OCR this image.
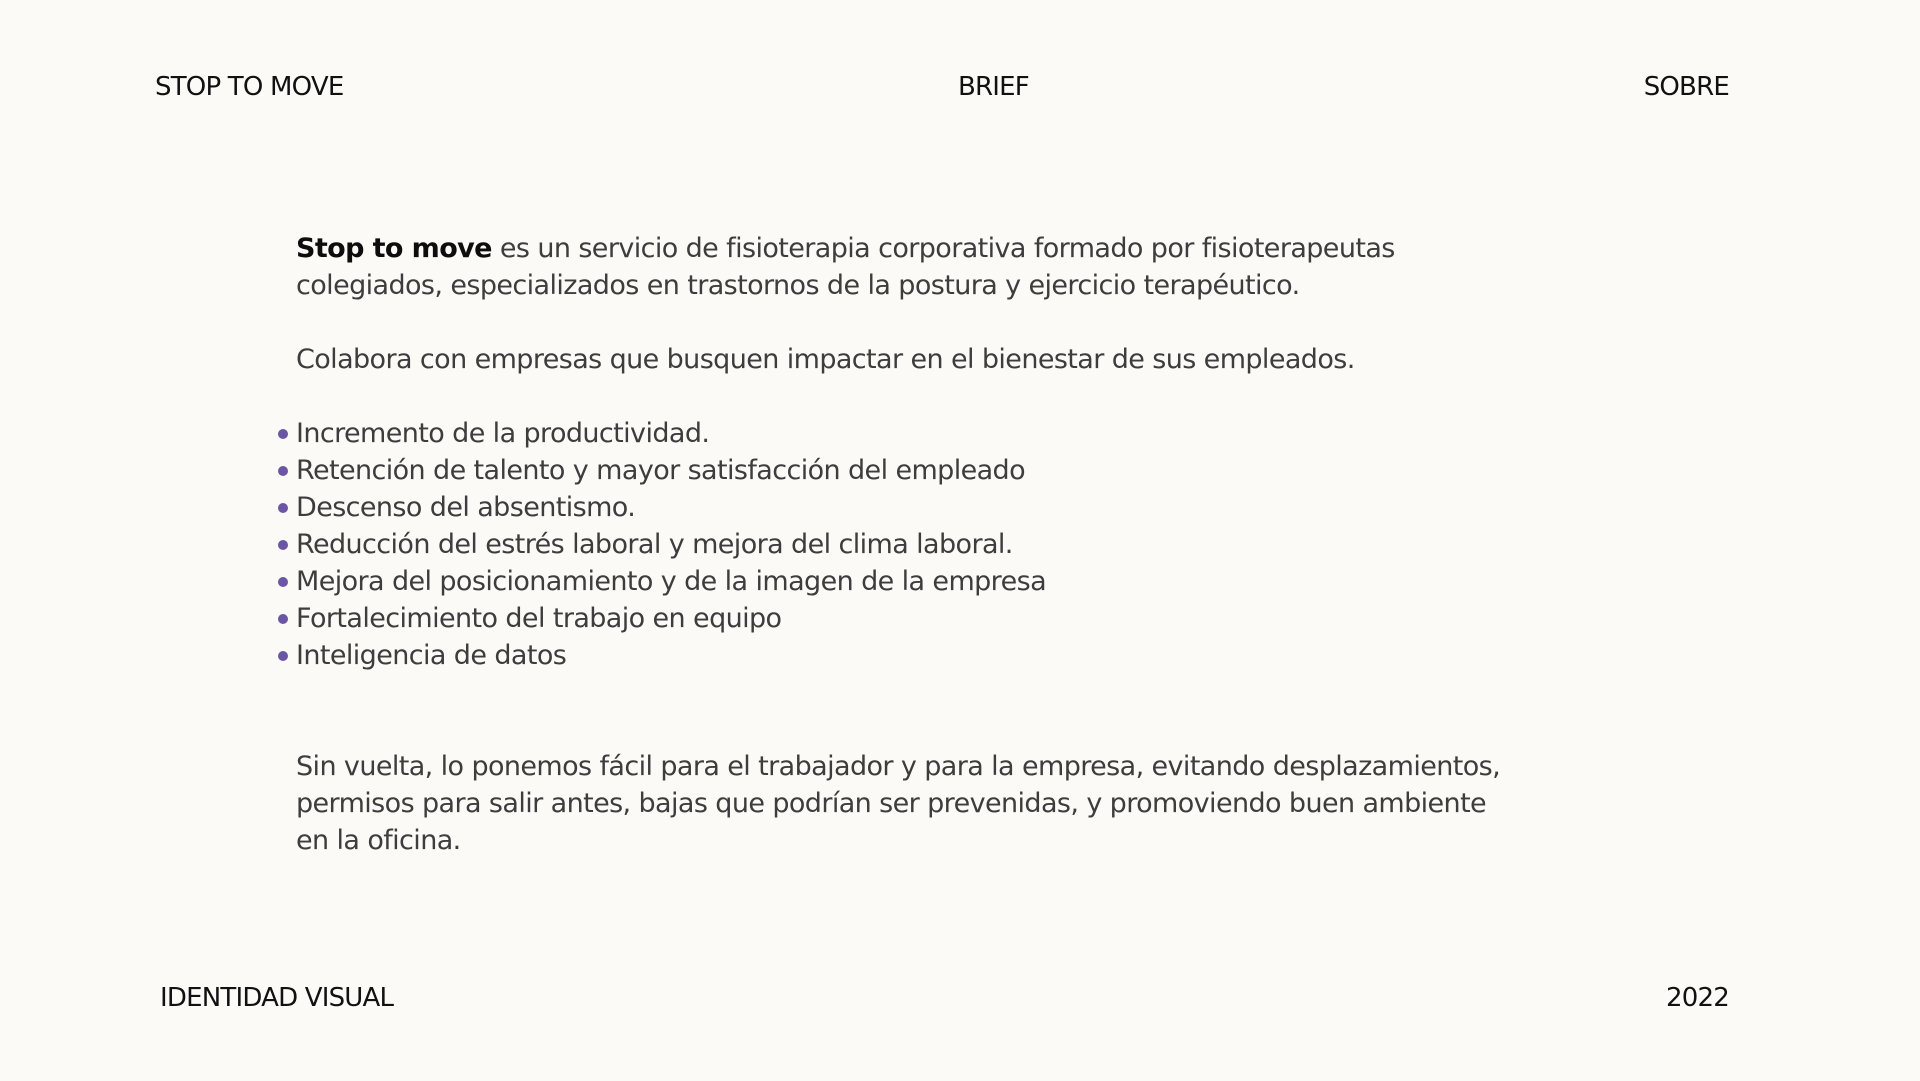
STOP TO MOVE	BRIEF	SOBRE

Stop to move es un servicio de fisioterapia corporativa formado por fisioterapeutas
colegiados, especializados en trastornos de la postura y ejercicio terapéutico.

Colabora con empresas que busquen impactar en el bienestar de sus empleados.

Incremento de la productividad.
Retención de talento y mayor satisfacción del empleado
Descenso del absentismo.
Reducción del estrés laboral y mejora del clima laboral.
Mejora del posicionamiento y de la imagen de la empresa
Fortalecimiento del trabajo en equipo
Inteligencia de datos

Sin vuelta, lo ponemos fácil para el trabajador y para la empresa, evitando desplazamientos,
permisos para salir antes, bajas que podrían ser prevenidas, y promoviendo buen ambiente
en la oficina.

IDENTIDAD VISUAL	2022
